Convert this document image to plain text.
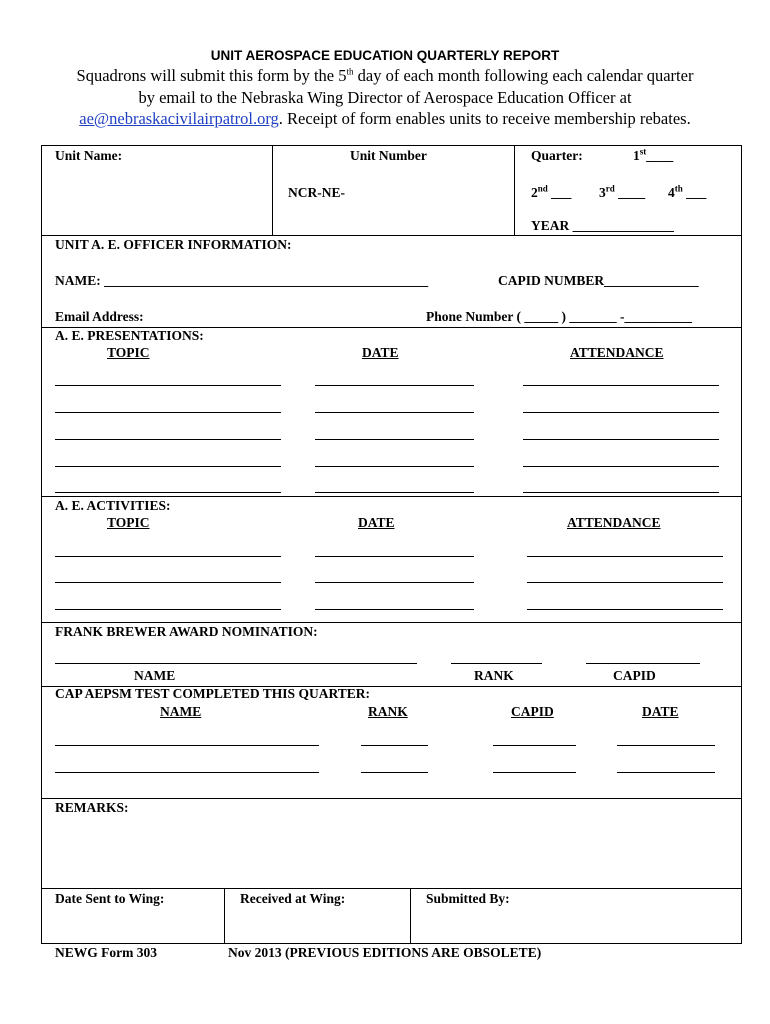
UNIT AEROSPACE EDUCATION QUARTERLY REPORT
Squadrons will submit this form by the 5th day of each month following each calendar quarter
by email to the Nebraska Wing Director of Aerospace Education Officer at
ae@nebraskacivilairpatrol.org. Receipt of form enables units to receive membership rebates.
Unit Name:	Unit Number
NCR-NE-
Quarter:	1st____
2nd ___ 3rd ____ 4th ___
YEAR _______________
UNIT A. E. OFFICER INFORMATION:
NAME: ________________________________________________	CAPID NUMBER______________
Email Address:	Phone Number ( _____ ) _______ -__________
A. E. PRESENTATIONS:
TOPIC	DATE	ATTENDANCE
A. E. ACTIVITIES:
TOPIC	DATE	ATTENDANCE
FRANK BREWER AWARD NOMINATION:
NAME	RANK	CAPID
CAP AEPSM TEST COMPLETED THIS QUARTER:
NAME	RANK	CAPID	DATE
REMARKS:
Date Sent to Wing:	Received at Wing:	Submitted By:
NEWG Form 303	Nov 2013 (PREVIOUS EDITIONS ARE OBSOLETE)
